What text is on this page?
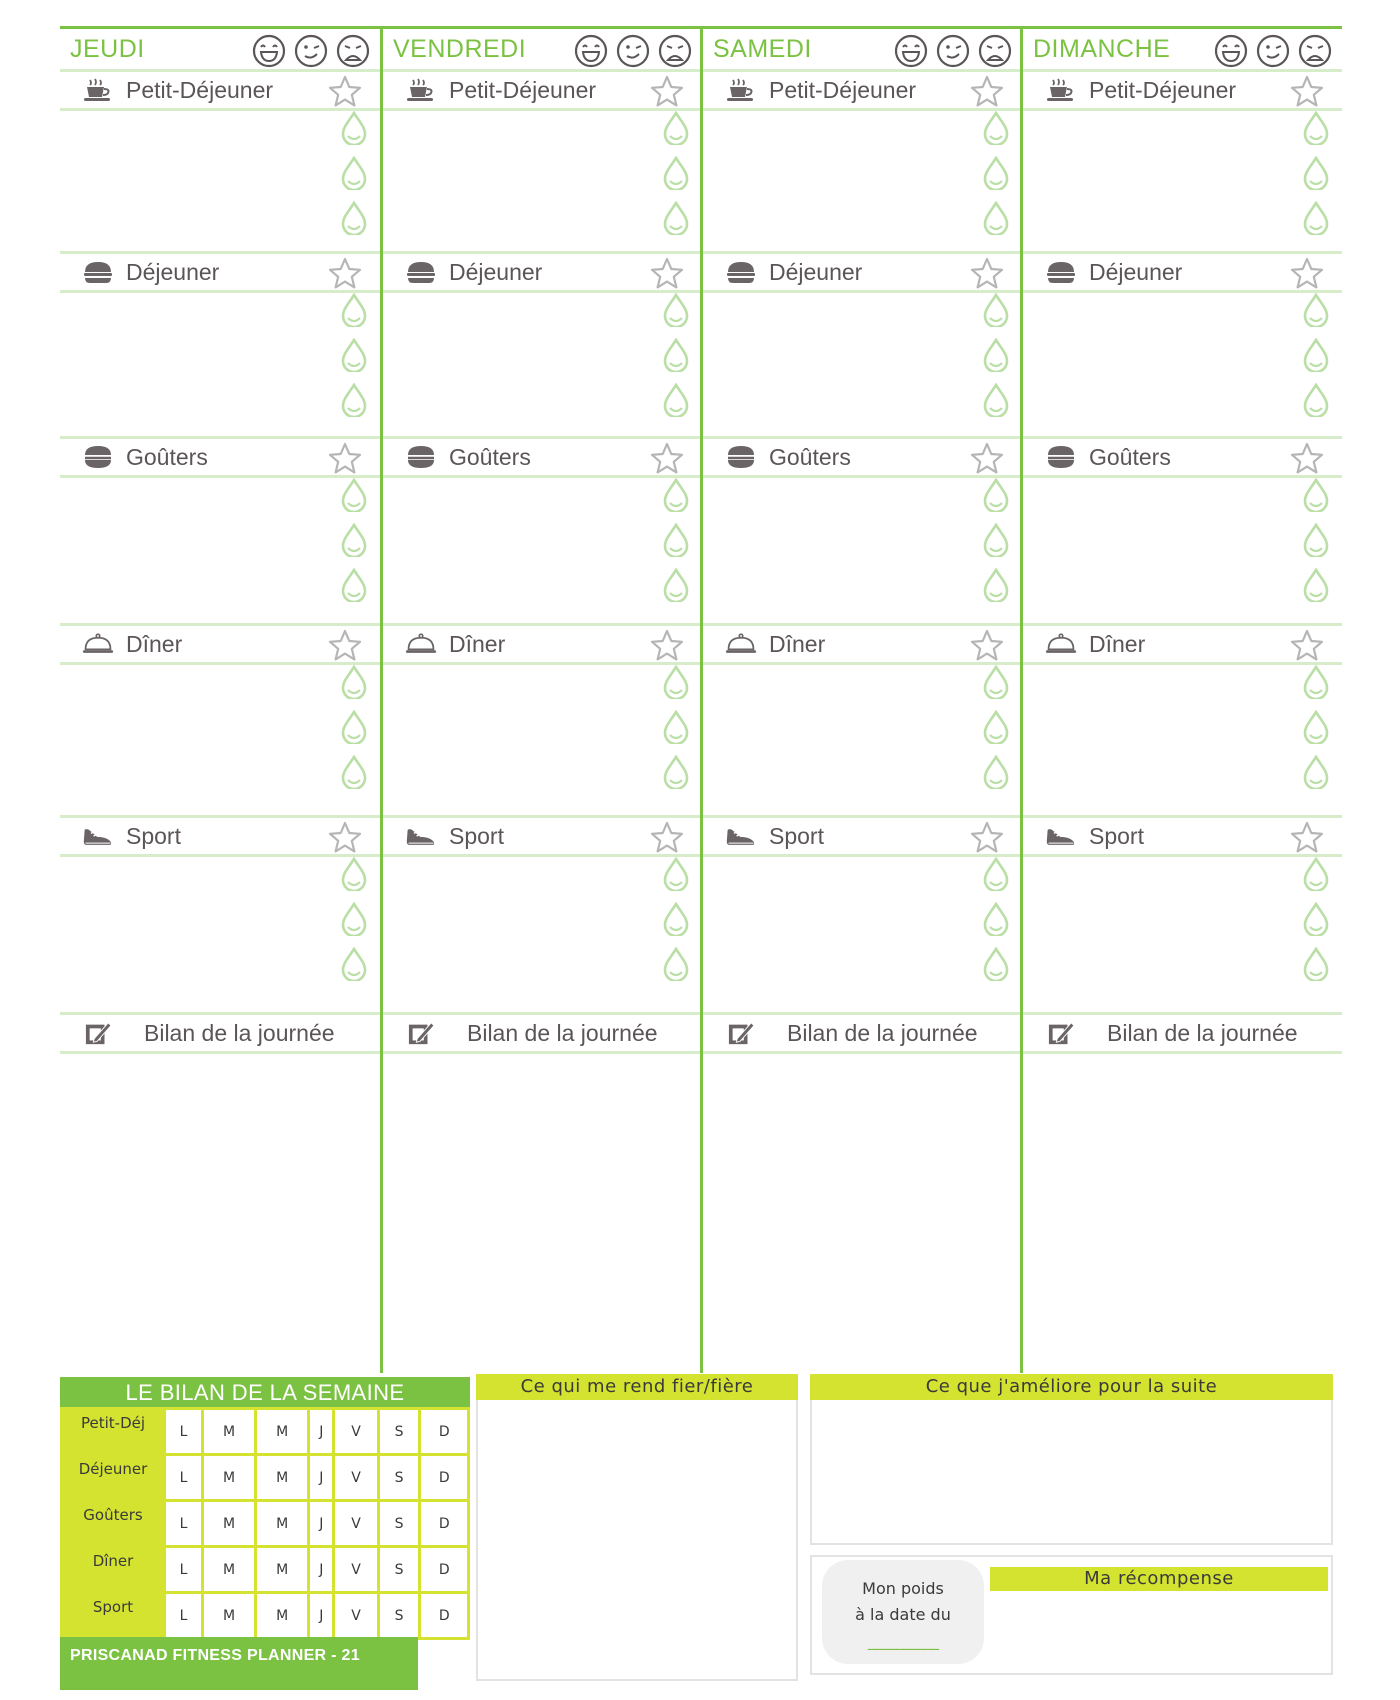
JEUDI
Petit-Déjeuner
Déjeuner
Goûters
Dîner
Sport
Bilan de la journée
VENDREDI
Petit-Déjeuner
Déjeuner
Goûters
Dîner
Sport
Bilan de la journée
SAMEDI
Petit-Déjeuner
Déjeuner
Goûters
Dîner
Sport
Bilan de la journée
DIMANCHE
Petit-Déjeuner
Déjeuner
Goûters
Dîner
Sport
Bilan de la journée
LE BILAN DE LA SEMAINE
Petit-Déj	L	M	M	J	V	S	D
Déjeuner	L	M	M	J	V	S	D
Goûters	L	M	M	J	V	S	D
Dîner	L	M	M	J	V	S	D
Sport	L	M	M	J	V	S	D
PRISCANAD FITNESS PLANNER - 21
Ce qui me rend fier/fière	Ce que j'améliore pour la suite
Mon poids
à la date du
__________
Ma récompense
